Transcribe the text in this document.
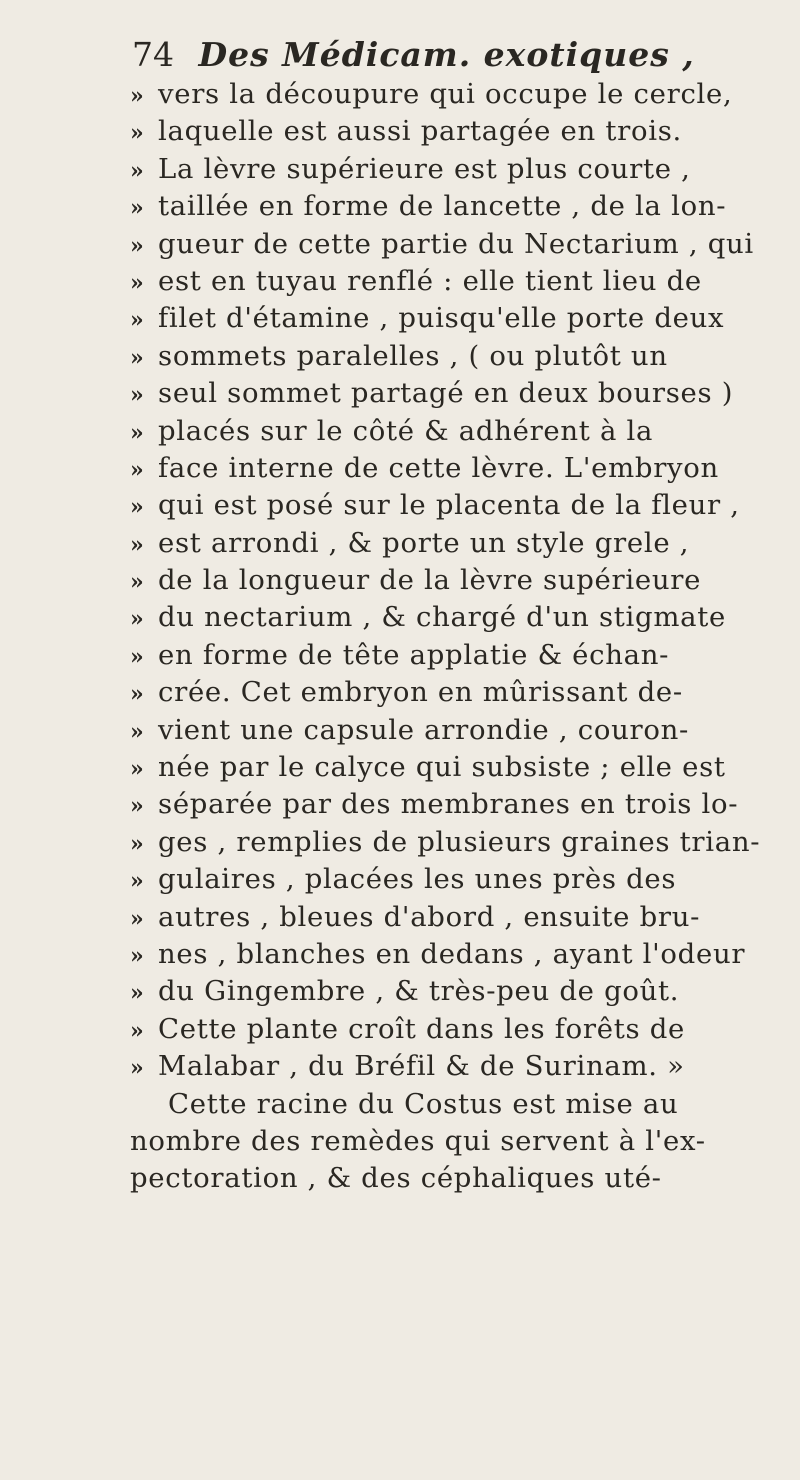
74 Des Médicam. exotiques ,
» vers la découpure qui occupe le cercle,
» laquelle est aussi partagée en trois.
» La lèvre supérieure est plus courte ,
» taillée en forme de lancette , de la lon-
» gueur de cette partie du Nectarium , qui
» est en tuyau renflé : elle tient lieu de
» filet d'étamine , puisqu'elle porte deux
» sommets paralelles , ( ou plutôt un
» seul sommet partagé en deux bourses )
» placés sur le côté & adhérent à la
» face interne de cette lèvre. L'embryon
» qui est posé sur le placenta de la fleur ,
» est arrondi , & porte un style grele ,
» de la longueur de la lèvre supérieure
» du nectarium , & chargé d'un stigmate
» en forme de tête applatie & échan-
» crée. Cet embryon en mûrissant de-
» vient une capsule arrondie , couron-
» née par le calyce qui subsiste ; elle est
» séparée par des membranes en trois lo-
» ges , remplies de plusieurs graines trian-
» gulaires , placées les unes près des
» autres , bleues d'abord , ensuite bru-
» nes , blanches en dedans , ayant l'odeur
» du Gingembre , & très-peu de goût.
» Cette plante croît dans les forêts de
» Malabar , du Bréfil & de Surinam. »
Cette racine du Costus est mise au
nombre des remèdes qui servent à l'ex-
pectoration , & des céphaliques uté-
